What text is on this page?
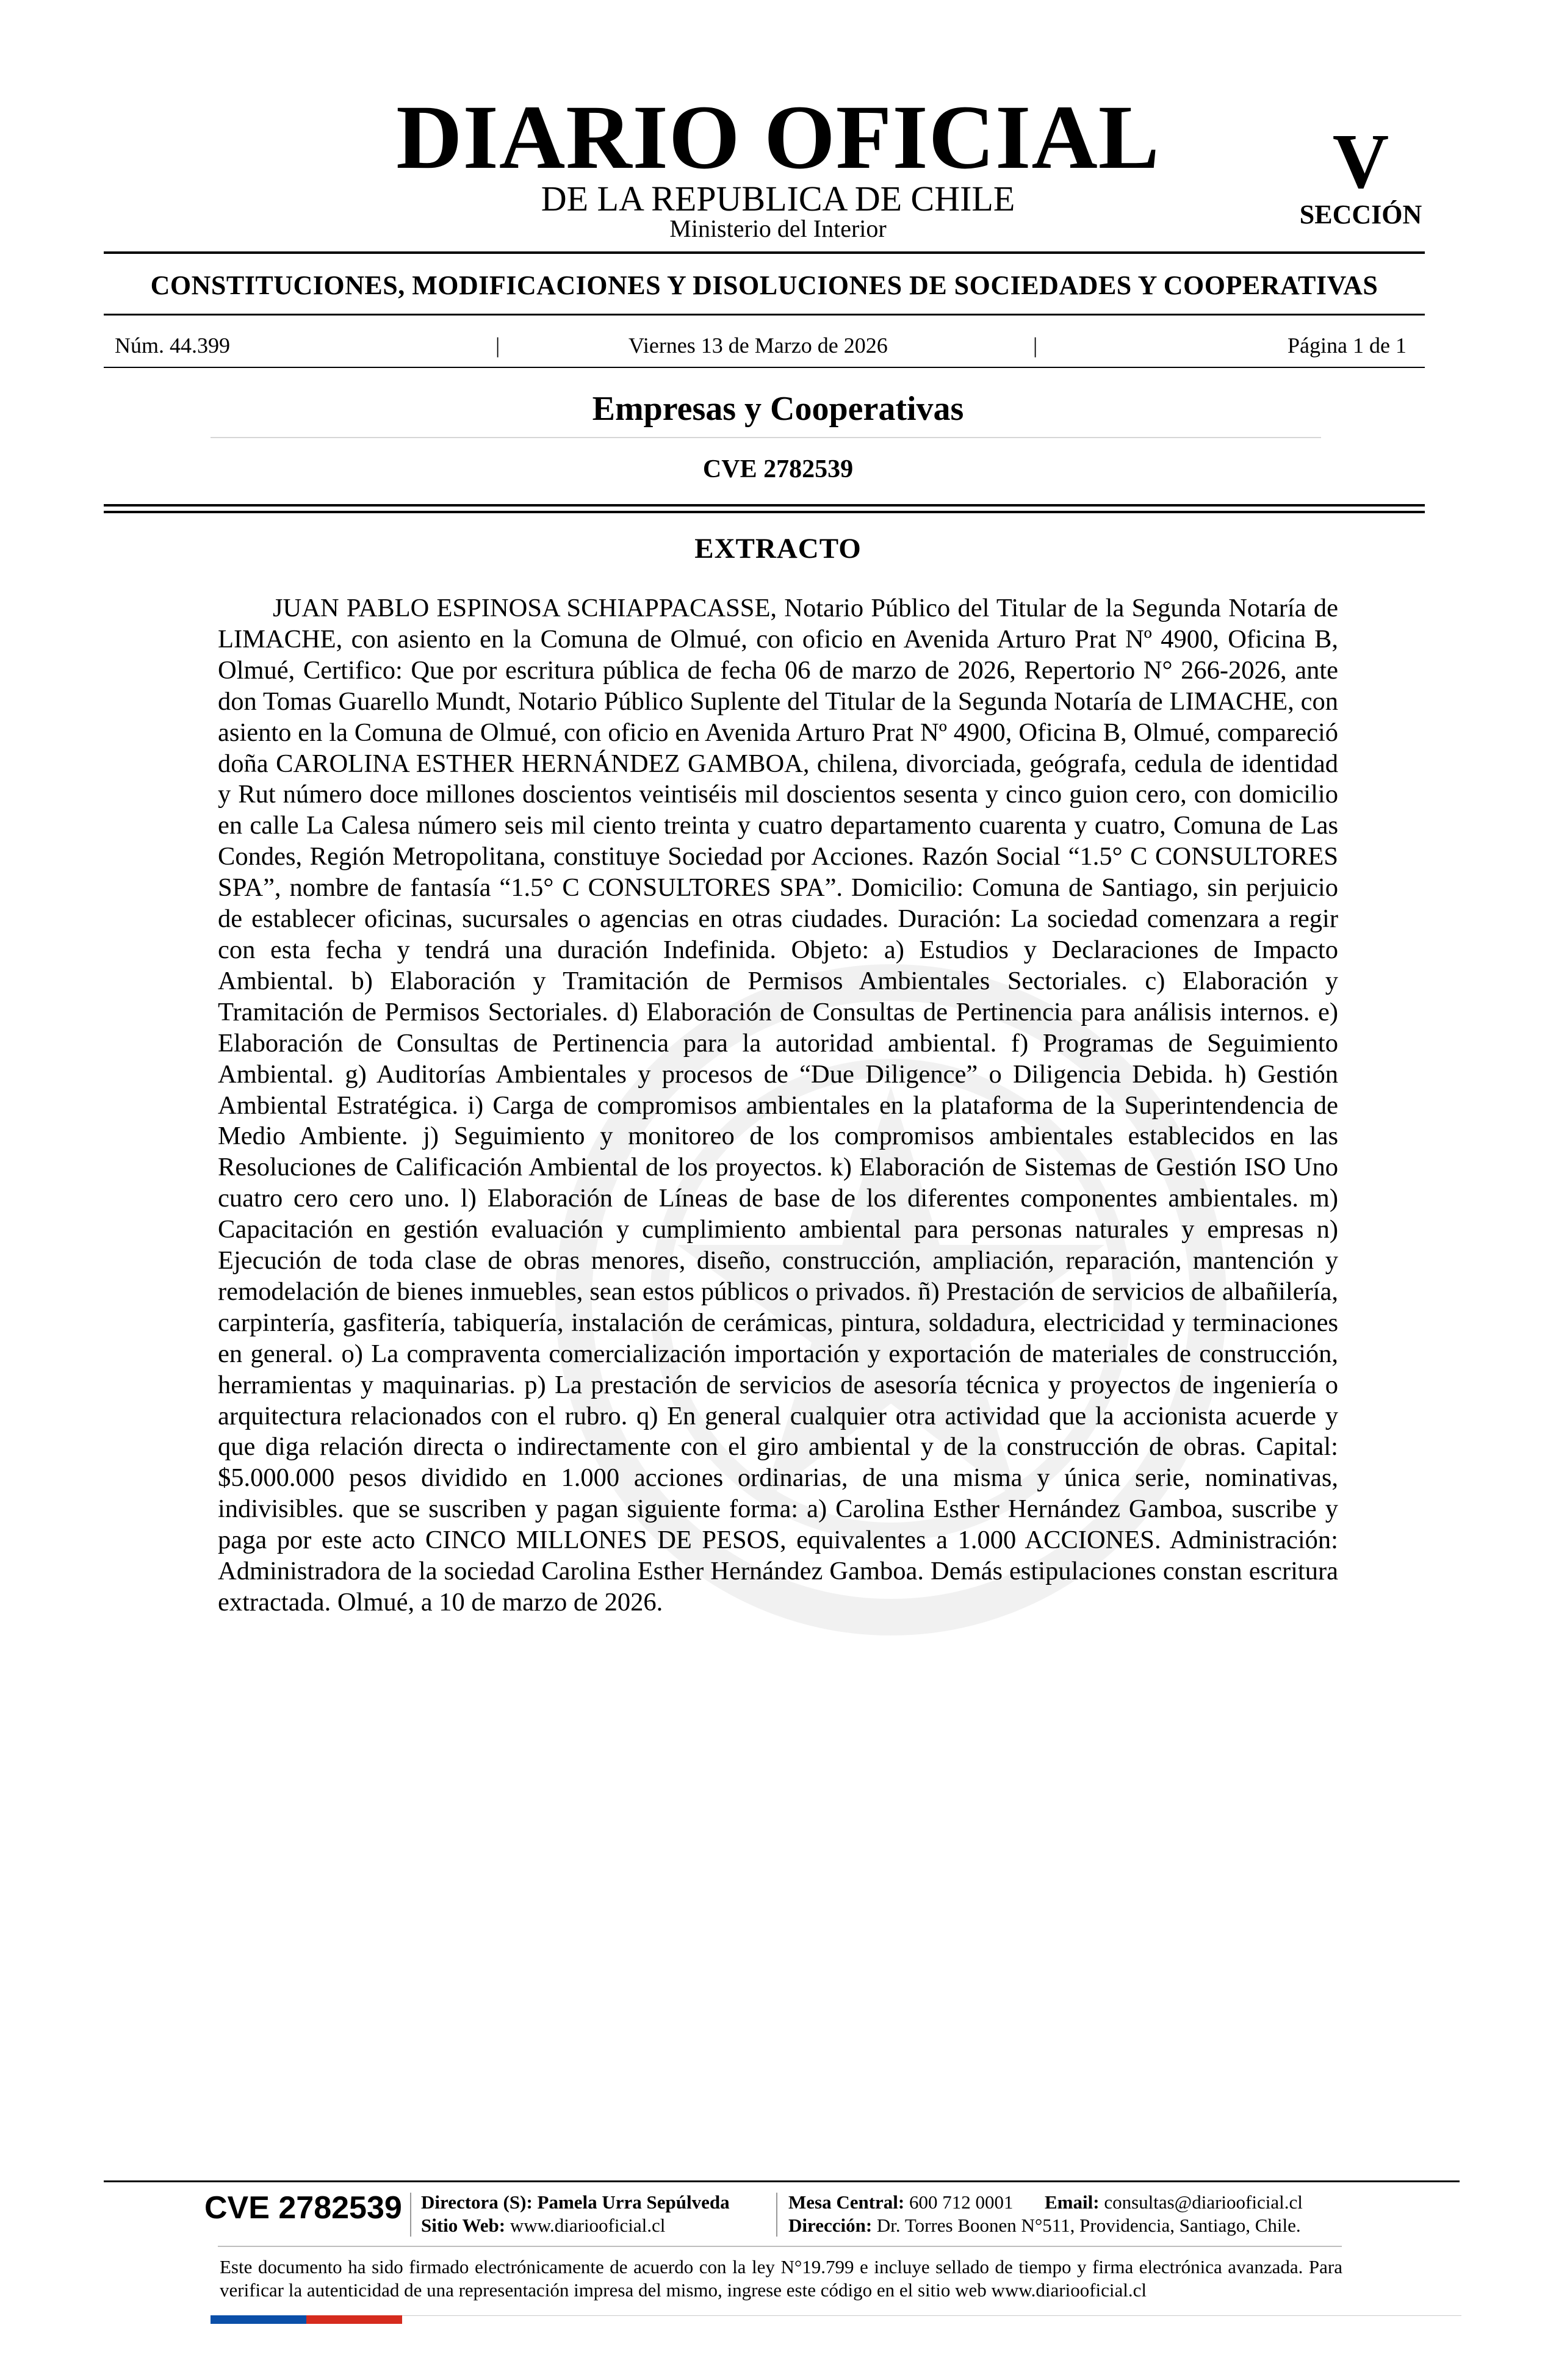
DIARIO OFICIAL
DE LA REPUBLICA DE CHILE
Ministerio del Interior
V
SECCIÓN
CONSTITUCIONES, MODIFICACIONES Y DISOLUCIONES DE SOCIEDADES Y COOPERATIVAS
Núm. 44.399	|	Viernes 13 de Marzo de 2026	|	Página 1 de 1
Empresas y Cooperativas
CVE 2782539
EXTRACTO

JUAN PABLO ESPINOSA SCHIAPPACASSE, Notario Público del Titular de la Segunda Notaría de LIMACHE, con asiento en la Comuna de Olmué, con oficio en Avenida Arturo Prat Nº 4900, Oficina B, Olmué, Certifico: Que por escritura pública de fecha 06 de marzo de 2026, Repertorio N° 266-2026, ante don Tomas Guarello Mundt, Notario Público Suplente del Titular de la Segunda Notaría de LIMACHE, con asiento en la Comuna de Olmué, con oficio en Avenida Arturo Prat Nº 4900, Oficina B, Olmué, compareció doña CAROLINA ESTHER HERNÁNDEZ GAMBOA, chilena, divorciada, geógrafa, cedula de identidad y Rut número doce millones doscientos veintiséis mil doscientos sesenta y cinco guion cero, con domicilio en calle La Calesa número seis mil ciento treinta y cuatro departamento cuarenta y cuatro, Comuna de Las Condes, Región Metropolitana, constituye Sociedad por Acciones. Razón Social “1.5° C CONSULTORES SPA”, nombre de fantasía “1.5° C CONSULTORES SPA”. Domicilio: Comuna de Santiago, sin perjuicio de establecer oficinas, sucursales o agencias en otras ciudades. Duración: La sociedad comenzara a regir con esta fecha y tendrá una duración Indefinida. Objeto: a) Estudios y Declaraciones de Impacto Ambiental. b) Elaboración y Tramitación de Permisos Ambientales Sectoriales. c) Elaboración y Tramitación de Permisos Sectoriales. d) Elaboración de Consultas de Pertinencia para análisis internos. e) Elaboración de Consultas de Pertinencia para la autoridad ambiental. f) Programas de Seguimiento Ambiental. g) Auditorías Ambientales y procesos de “Due Diligence” o Diligencia Debida. h) Gestión Ambiental Estratégica. i) Carga de compromisos ambientales en la plataforma de la Superintendencia de Medio Ambiente. j) Seguimiento y monitoreo de los compromisos ambientales establecidos en las Resoluciones de Calificación Ambiental de los proyectos. k) Elaboración de Sistemas de Gestión ISO Uno cuatro cero cero uno. l) Elaboración de Líneas de base de los diferentes componentes ambientales. m) Capacitación en gestión evaluación y cumplimiento ambiental para personas naturales y empresas n) Ejecución de toda clase de obras menores, diseño, construcción, ampliación, reparación, mantención y remodelación de bienes inmuebles, sean estos públicos o privados. ñ) Prestación de servicios de albañilería, carpintería, gasfitería, tabiquería, instalación de cerámicas, pintura, soldadura, electricidad y terminaciones en general. o) La compraventa comercialización importación y exportación de materiales de construcción, herramientas y maquinarias. p) La prestación de servicios de asesoría técnica y proyectos de ingeniería o arquitectura relacionados con el rubro. q) En general cualquier otra actividad que la accionista acuerde y que diga relación directa o indirectamente con el giro ambiental y de la construcción de obras. Capital: $5.000.000 pesos dividido en 1.000 acciones ordinarias, de una misma y única serie, nominativas, indivisibles. que se suscriben y pagan siguiente forma: a) Carolina Esther Hernández Gamboa, suscribe y paga por este acto CINCO MILLONES DE PESOS, equivalentes a 1.000 ACCIONES. Administración: Administradora de la sociedad Carolina Esther Hernández Gamboa. Demás estipulaciones constan escritura extractada. Olmué, a 10 de marzo de 2026.

CVE 2782539 Directora (S): Pamela Urra Sepúlveda
Sitio Web: www.diariooficial.cl
Mesa Central: 600 712 0001 Email: consultas@diariooficial.cl
Dirección: Dr. Torres Boonen N°511, Providencia, Santiago, Chile.

Este documento ha sido firmado electrónicamente de acuerdo con la ley N°19.799 e incluye sellado de tiempo y firma electrónica avanzada. Para verificar la autenticidad de una representación impresa del mismo, ingrese este código en el sitio web www.diariooficial.cl
